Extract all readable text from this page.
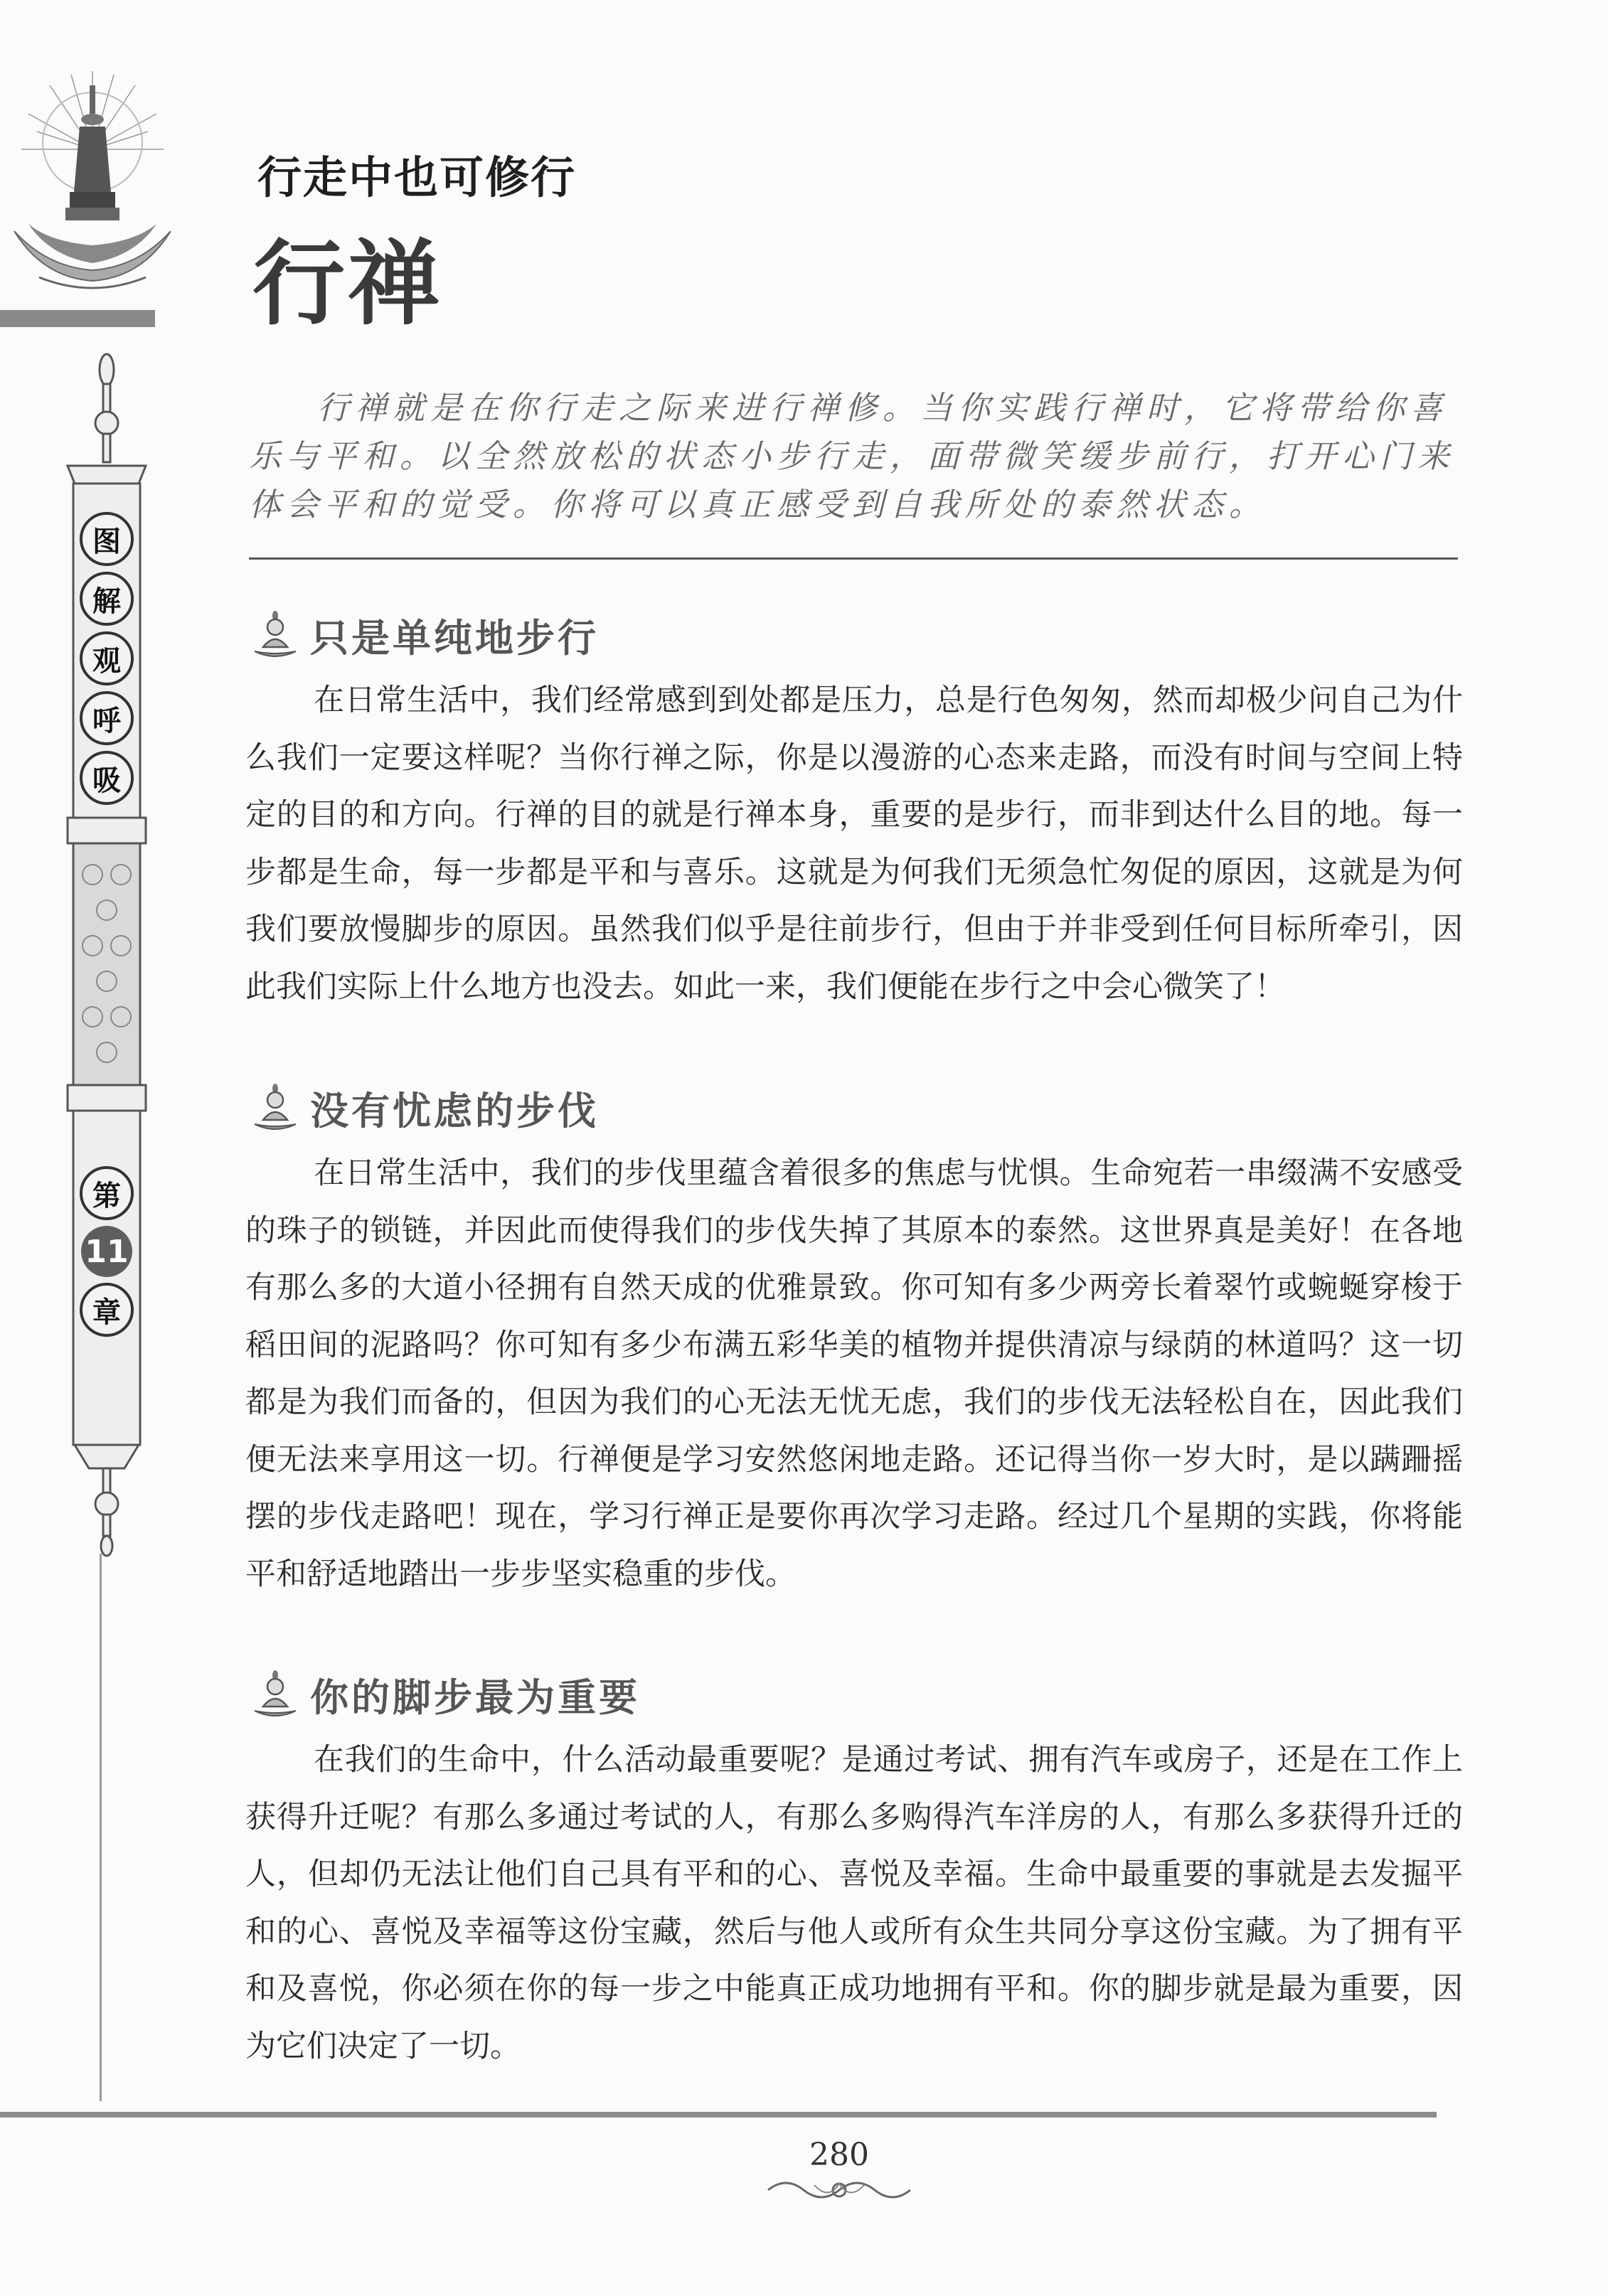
图
解
观
呼
吸
第
11
章
行走中也可修行
行禅
行禅就是在你行走之际来进行禅修。当你实践行禅时，它将带给你喜乐与平和。以全然放松的状态小步行走，面带微笑缓步前行，打开心门来体会平和的觉受。你将可以真正感受到自我所处的泰然状态。
只是单纯地步行
在日常生活中，我们经常感到到处都是压力，总是行色匆匆，然而却极少问自己为什么我们一定要这样呢？当你行禅之际，你是以漫游的心态来走路，而没有时间与空间上特定的目的和方向。行禅的目的就是行禅本身，重要的是步行，而非到达什么目的地。每一步都是生命，每一步都是平和与喜乐。这就是为何我们无须急忙匆促的原因，这就是为何我们要放慢脚步的原因。虽然我们似乎是往前步行，但由于并非受到任何目标所牵引，因此我们实际上什么地方也没去。如此一来，我们便能在步行之中会心微笑了！
没有忧虑的步伐
在日常生活中，我们的步伐里蕴含着很多的焦虑与忧惧。生命宛若一串缀满不安感受的珠子的锁链，并因此而使得我们的步伐失掉了其原本的泰然。这世界真是美好！在各地有那么多的大道小径拥有自然天成的优雅景致。你可知有多少两旁长着翠竹或蜿蜒穿梭于稻田间的泥路吗？你可知有多少布满五彩华美的植物并提供清凉与绿荫的林道吗？这一切都是为我们而备的，但因为我们的心无法无忧无虑，我们的步伐无法轻松自在，因此我们便无法来享用这一切。行禅便是学习安然悠闲地走路。还记得当你一岁大时，是以蹒跚摇摆的步伐走路吧！现在，学习行禅正是要你再次学习走路。经过几个星期的实践，你将能平和舒适地踏出一步步坚实稳重的步伐。
你的脚步最为重要
在我们的生命中，什么活动最重要呢？是通过考试、拥有汽车或房子，还是在工作上获得升迁呢？有那么多通过考试的人，有那么多购得汽车洋房的人，有那么多获得升迁的人，但却仍无法让他们自己具有平和的心、喜悦及幸福。生命中最重要的事就是去发掘平和的心、喜悦及幸福等这份宝藏，然后与他人或所有众生共同分享这份宝藏。为了拥有平和及喜悦，你必须在你的每一步之中能真正成功地拥有平和。你的脚步就是最为重要，因为它们决定了一切。
280
